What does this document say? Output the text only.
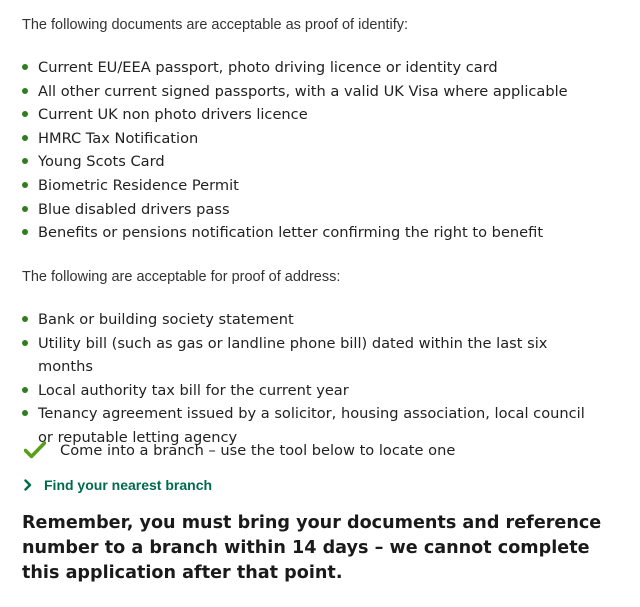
The following documents are acceptable as proof of identify:

Current EU/EEA passport, photo driving licence or identity card
All other current signed passports, with a valid UK Visa where applicable
Current UK non photo drivers licence
HMRC Tax Notification
Young Scots Card
Biometric Residence Permit
Blue disabled drivers pass
Benefits or pensions notification letter confirming the right to benefit

The following are acceptable for proof of address:

Bank or building society statement
Utility bill (such as gas or landline phone bill) dated within the last six months
Local authority tax bill for the current year
Tenancy agreement issued by a solicitor, housing association, local council or reputable letting agency
Come into a branch – use the tool below to locate one
Find your nearest branch

Remember, you must bring your documents and reference number to a branch within 14 days – we cannot complete this application after that point.
